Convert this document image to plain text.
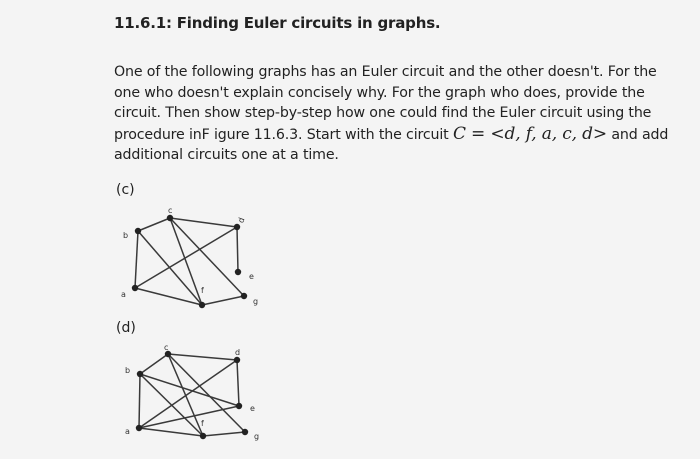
11.6.1: Finding Euler circuits in graphs.
One of the following graphs has an Euler circuit and the other doesn't. For the one who doesn't explain concisely why. For the graph who does, provide the circuit. Then show step-by-step how one could find the Euler circuit using the procedure inF igure 11.6.3. Start with the circuit C = <d, f, a, c, d> and add additional circuits one at a time.
(c)
a
b
c
d
e
f
g
(d)
a
b
c
d
e
f
g
